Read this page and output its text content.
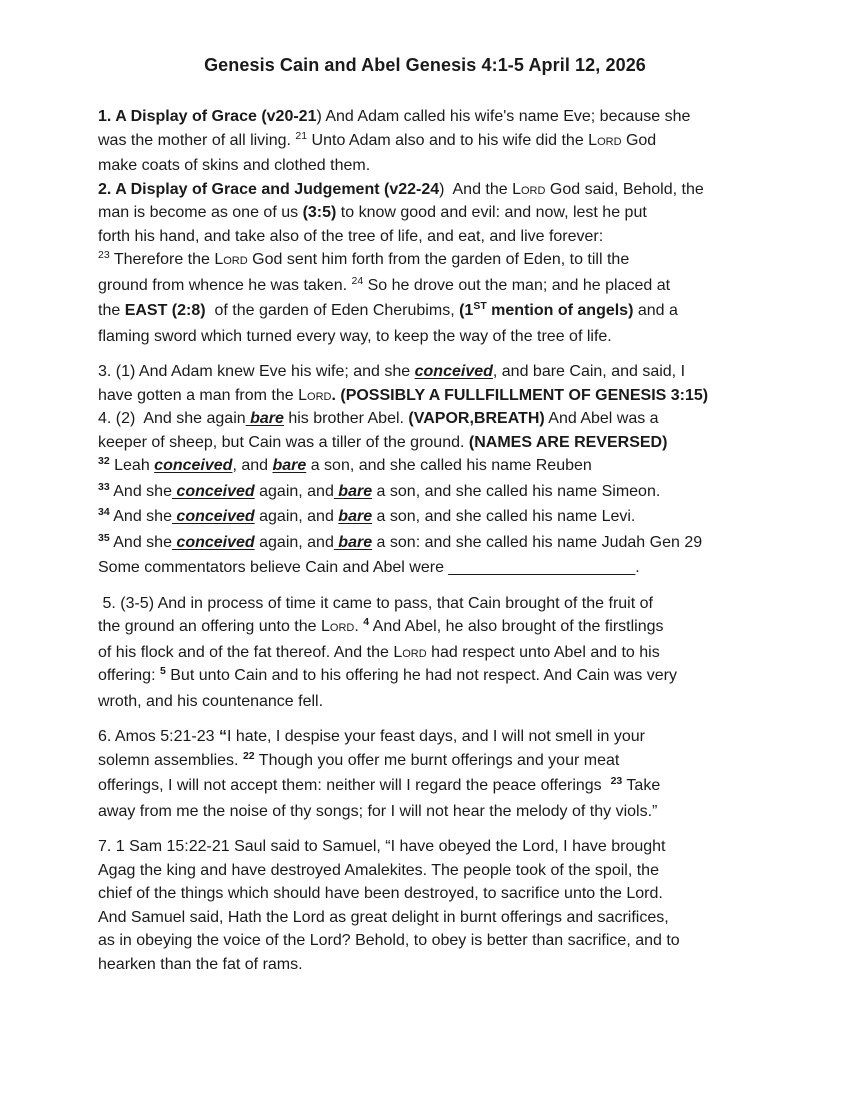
Genesis Cain and Abel Genesis 4:1-5 April 12, 2026
1. A Display of Grace (v20-21) And Adam called his wife's name Eve; because she
was the mother of all living. $^{21}$ Unto Adam also and to his wife did the Lord God
make coats of skins and clothed them.
2. A Display of Grace and Judgement (v22-24)  And the Lord God said, Behold, the
man is become as one of us (3:5) to know good and evil: and now, lest he put
forth his hand, and take also of the tree of life, and eat, and live forever:
$^{23}$ Therefore the Lord God sent him forth from the garden of Eden, to till the
ground from whence he was taken. $^{24}$ So he drove out the man; and he placed at
the EAST (2:8)  of the garden of Eden Cherubims, (1ST mention of angels) and a
flaming sword which turned every way, to keep the way of the tree of life.
3. (1) And Adam knew Eve his wife; and she conceived, and bare Cain, and said, I
have gotten a man from the Lord. (POSSIBLY A FULLFILLMENT OF GENESIS 3:15)
4. (2)  And she again bare his brother Abel. (VAPOR,BREATH) And Abel was a
keeper of sheep, but Cain was a tiller of the ground. (NAMES ARE REVERSED)
$^{32}$ Leah conceived, and bare a son, and she called his name Reuben
$^{33}$ And she conceived again, and bare a son, and she called his name Simeon.
$^{34}$ And she conceived again, and bare a son, and she called his name Levi.
$^{35}$ And she conceived again, and bare a son: and she called his name Judah Gen 29
Some commentators believe Cain and Abel were _____________________.
5. (3-5) And in process of time it came to pass, that Cain brought of the fruit of
the ground an offering unto the Lord. $^4$ And Abel, he also brought of the firstlings
of his flock and of the fat thereof. And the Lord had respect unto Abel and to his
offering: $^5$ But unto Cain and to his offering he had not respect. And Cain was very
wroth, and his countenance fell.
6. Amos 5:21-23 “I hate, I despise your feast days, and I will not smell in your
solemn assemblies. $^{22}$ Though you offer me burnt offerings and your meat
offerings, I will not accept them: neither will I regard the peace offerings  $^{23}$ Take
away from me the noise of thy songs; for I will not hear the melody of thy viols.”
7. 1 Sam 15:22-21 Saul said to Samuel, “I have obeyed the Lord, I have brought
Agag the king and have destroyed Amalekites. The people took of the spoil, the
chief of the things which should have been destroyed, to sacrifice unto the Lord.
And Samuel said, Hath the Lord as great delight in burnt offerings and sacrifices,
as in obeying the voice of the Lord? Behold, to obey is better than sacrifice, and to
hearken than the fat of rams.
